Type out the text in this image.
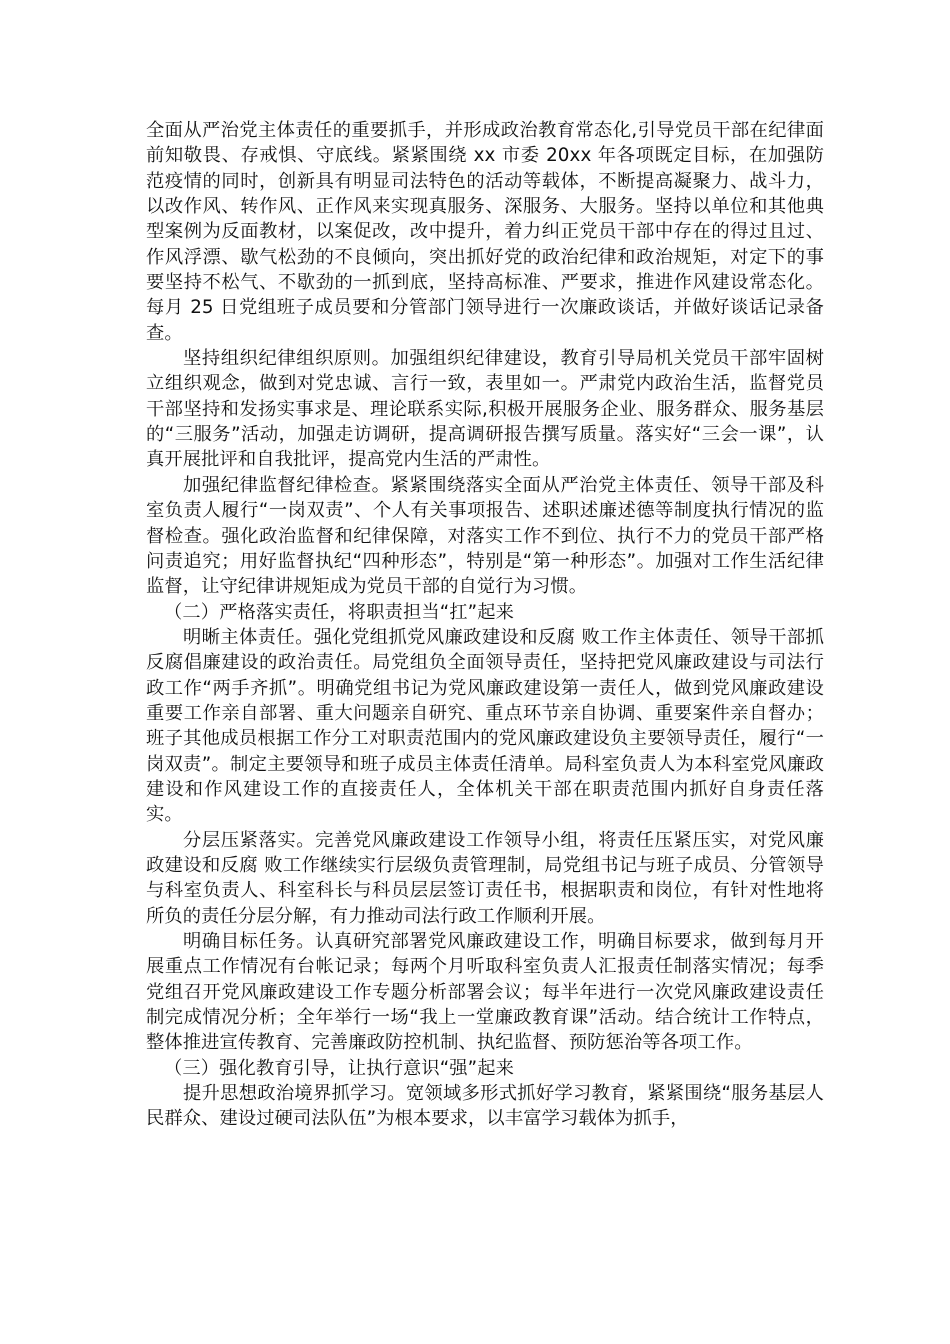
全面从严治党主体责任的重要抓手，并形成政治教育常态化,引导党员干部在纪律面前知敬畏、存戒惧、守底线。紧紧围绕 xx 市委 20xx 年各项既定目标，在加强防范疫情的同时，创新具有明显司法特色的活动等载体，不断提高凝聚力、战斗力，以改作风、转作风、正作风来实现真服务、深服务、大服务。坚持以单位和其他典型案例为反面教材，以案促改，改中提升，着力纠正党员干部中存在的得过且过、作风浮漂、歇气松劲的不良倾向，突出抓好党的政治纪律和政治规矩，对定下的事要坚持不松气、不歇劲的一抓到底，坚持高标准、严要求，推进作风建设常态化。每月 25 日党组班子成员要和分管部门领导进行一次廉政谈话，并做好谈话记录备查。

坚持组织纪律组织原则。加强组织纪律建设，教育引导局机关党员干部牢固树立组织观念，做到对党忠诚、言行一致，表里如一。严肃党内政治生活，监督党员干部坚持和发扬实事求是、理论联系实际,积极开展服务企业、服务群众、服务基层的“三服务”活动，加强走访调研，提高调研报告撰写质量。落实好“三会一课”，认真开展批评和自我批评，提高党内生活的严肃性。

加强纪律监督纪律检查。紧紧围绕落实全面从严治党主体责任、领导干部及科室负责人履行“一岗双责”、个人有关事项报告、述职述廉述德等制度执行情况的监督检查。强化政治监督和纪律保障，对落实工作不到位、执行不力的党员干部严格问责追究；用好监督执纪“四种形态”，特别是“第一种形态”。加强对工作生活纪律监督，让守纪律讲规矩成为党员干部的自觉行为习惯。

（二）严格落实责任，将职责担当“扛”起来

明晰主体责任。强化党组抓党风廉政建设和反腐 败工作主体责任、领导干部抓反腐倡廉建设的政治责任。局党组负全面领导责任，坚持把党风廉政建设与司法行政工作“两手齐抓”。明确党组书记为党风廉政建设第一责任人，做到党风廉政建设重要工作亲自部署、重大问题亲自研究、重点环节亲自协调、重要案件亲自督办；班子其他成员根据工作分工对职责范围内的党风廉政建设负主要领导责任，履行“一岗双责”。制定主要领导和班子成员主体责任清单。局科室负责人为本科室党风廉政建设和作风建设工作的直接责任人，全体机关干部在职责范围内抓好自身责任落实。

分层压紧落实。完善党风廉政建设工作领导小组，将责任压紧压实，对党风廉政建设和反腐 败工作继续实行层级负责管理制，局党组书记与班子成员、分管领导与科室负责人、科室科长与科员层层签订责任书，根据职责和岗位，有针对性地将所负的责任分层分解，有力推动司法行政工作顺利开展。

明确目标任务。认真研究部署党风廉政建设工作，明确目标要求，做到每月开展重点工作情况有台帐记录；每两个月听取科室负责人汇报责任制落实情况；每季党组召开党风廉政建设工作专题分析部署会议；每半年进行一次党风廉政建设责任制完成情况分析；全年举行一场“我上一堂廉政教育课”活动。结合统计工作特点，整体推进宣传教育、完善廉政防控机制、执纪监督、预防惩治等各项工作。

（三）强化教育引导，让执行意识“强”起来

提升思想政治境界抓学习。宽领域多形式抓好学习教育，紧紧围绕“服务基层人民群众、建设过硬司法队伍”为根本要求，以丰富学习载体为抓手，
